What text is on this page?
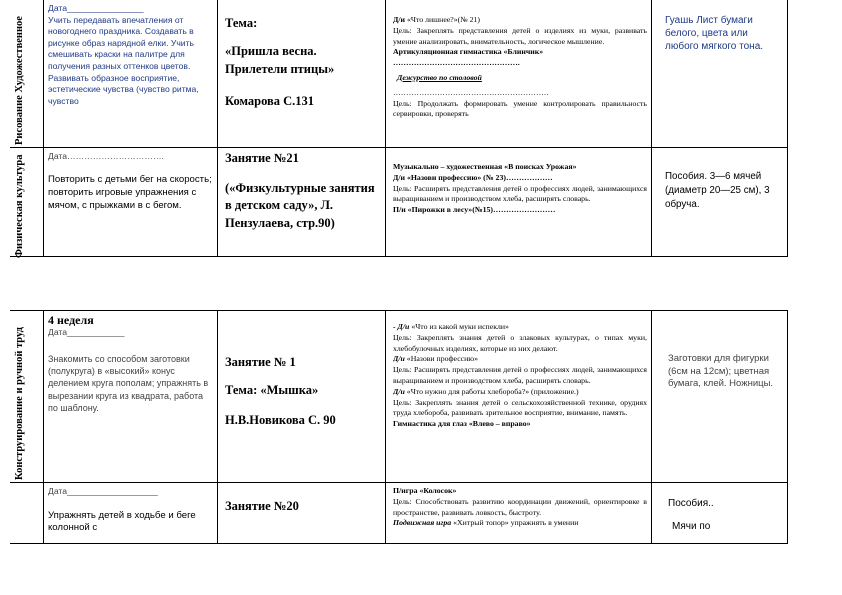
Рисование Художественное
Физическая культура

Дата________________

Учить передавать впечатления от новогоднего праздника. Создавать в рисунке образ нарядной елки. Учить смешивать краски на палитре для получения разных оттенков цветов. Развивать образное восприятие, эстетические чувства (чувство ритма, чувство

Тема:

«Пришла весна. Прилетели птицы»

Комарова С.131

Д/и «Что лишнее?»(№ 21)

Цель: Закреплять представления детей о изделиях из муки, развивать умение анализировать, внимательность, логическое мышление.

Артикуляционная гимнастика «Блинчик»

………………………………………….

Дежурство по столовой

……………………………………………………

Цель: Продолжать формировать умение контролировать правильность сервировки, проверять

Гуашь Лист бумаги белого, цвета или любого мягкого тона.

Дата…………………………….

Повторить с детьми бег на скорость; повторить игровые упражнения с мячом, с прыжками в с бегом.

Занятие №21

(«Физкультурные занятия в детском саду», Л. Пензулаева, стр.90)

Музыкально – художественная «В поисках Урожая»

Д/и «Назови профессию» (№ 23)………………

Цель: Расширять представления детей о профессиях людей, занимающихся выращиванием и производством хлеба, расширять словарь.

П/и «Пирожки в лесу»(№15)……………………

Пособия. 3—6 мячей (диаметр 20—25 см), 3 обруча.
Конструирование и ручной труд

4 неделя

Дата____________

Знакомить со способом заготовки (полукруга) в «высокий» конус делением круга пополам; упражнять в вырезании круга из квадрата, работа по шаблону.

Занятие № 1

Тема: «Мышка»

Н.В.Новикова С. 90

- Д/и «Что из какой муки испекли»

Цель: Закреплять знания детей о злаковых культурах, о типах муки, хлебобулочных изделиях, которые из них делают.

Д/и «Назови профессию»

Цель: Расширять представления детей о профессиях людей, занимающихся выращиванием и производством хлеба, расширять словарь.

Д/и «Что нужно для работы хлебороба?» (приложение.)

Цель: Закреплять знания детей о сельскохозяйственной технике, орудиях труда хлебороба, развивать зрительное восприятие, внимание, память.

Гимнастика для глаз «Влево – вправо»

Заготовки для фигурки (6см на 12см); цветная бумага, клей. Ножницы.

Дата___________________

Упражнять детей в ходьбе и беге колонной с

Занятие №20

П/игра «Колосок»

Цель: Способствовать развитию координации движений, ориентировке в пространстве, развивать ловкость, быстроту.

Подвижная игра «Хитрый топор» упражнять в умении

Пособия..

Мячи по
